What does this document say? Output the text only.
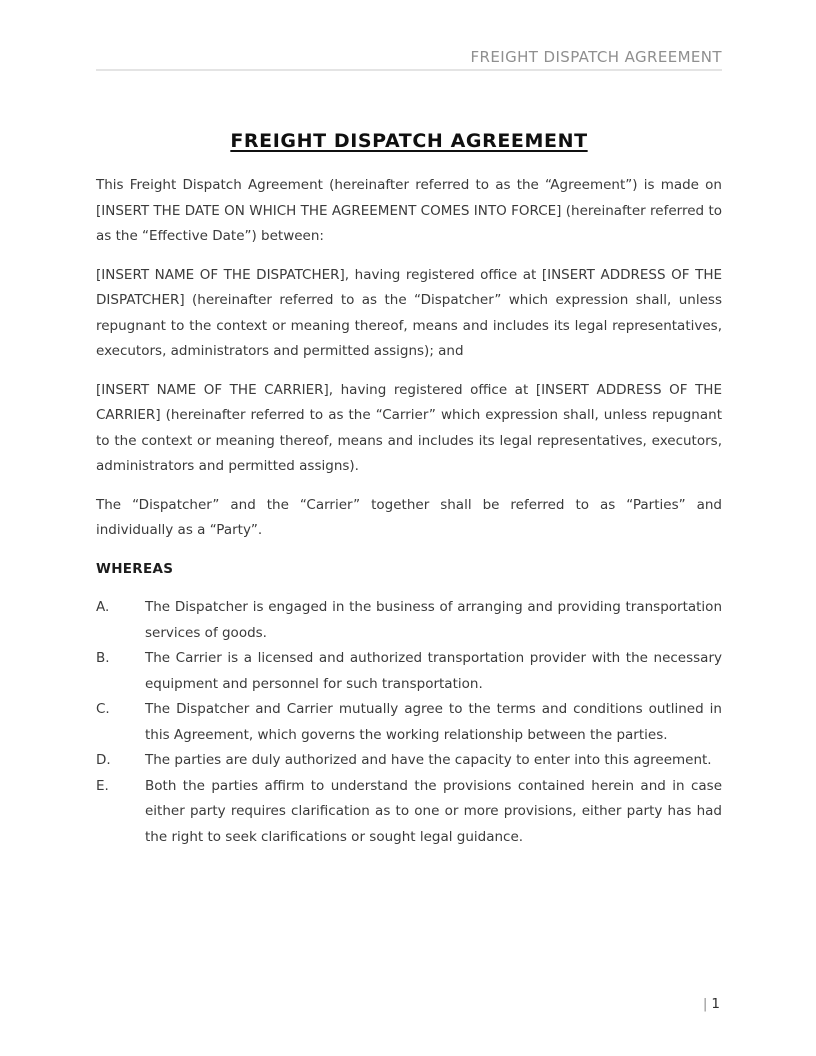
FREIGHT DISPATCH AGREEMENT
FREIGHT DISPATCH AGREEMENT

This Freight Dispatch Agreement (hereinafter referred to as the “Agreement”) is made on [INSERT THE DATE ON WHICH THE AGREEMENT COMES INTO FORCE] (hereinafter referred to as the “Effective Date”) between:

[INSERT NAME OF THE DISPATCHER], having registered office at [INSERT ADDRESS OF THE DISPATCHER] (hereinafter referred to as the “Dispatcher” which expression shall, unless repugnant to the context or meaning thereof, means and includes its legal representatives, executors, administrators and permitted assigns); and

[INSERT NAME OF THE CARRIER], having registered office at [INSERT ADDRESS OF THE CARRIER] (hereinafter referred to as the “Carrier” which expression shall, unless repugnant to the context or meaning thereof, means and includes its legal representatives, executors, administrators and permitted assigns).

The “Dispatcher” and the “Carrier” together shall be referred to as “Parties” and individually as a “Party”.

WHEREAS
A.	The Dispatcher is engaged in the business of arranging and providing transportation services of goods.
B.	The Carrier is a licensed and authorized transportation provider with the necessary equipment and personnel for such transportation.
C.	The Dispatcher and Carrier mutually agree to the terms and conditions outlined in this Agreement, which governs the working relationship between the parties.
D.	The parties are duly authorized and have the capacity to enter into this agreement.
E.	Both the parties affirm to understand the provisions contained herein and in case either party requires clarification as to one or more provisions, either party has had the right to seek clarifications or sought legal guidance.
| 1
